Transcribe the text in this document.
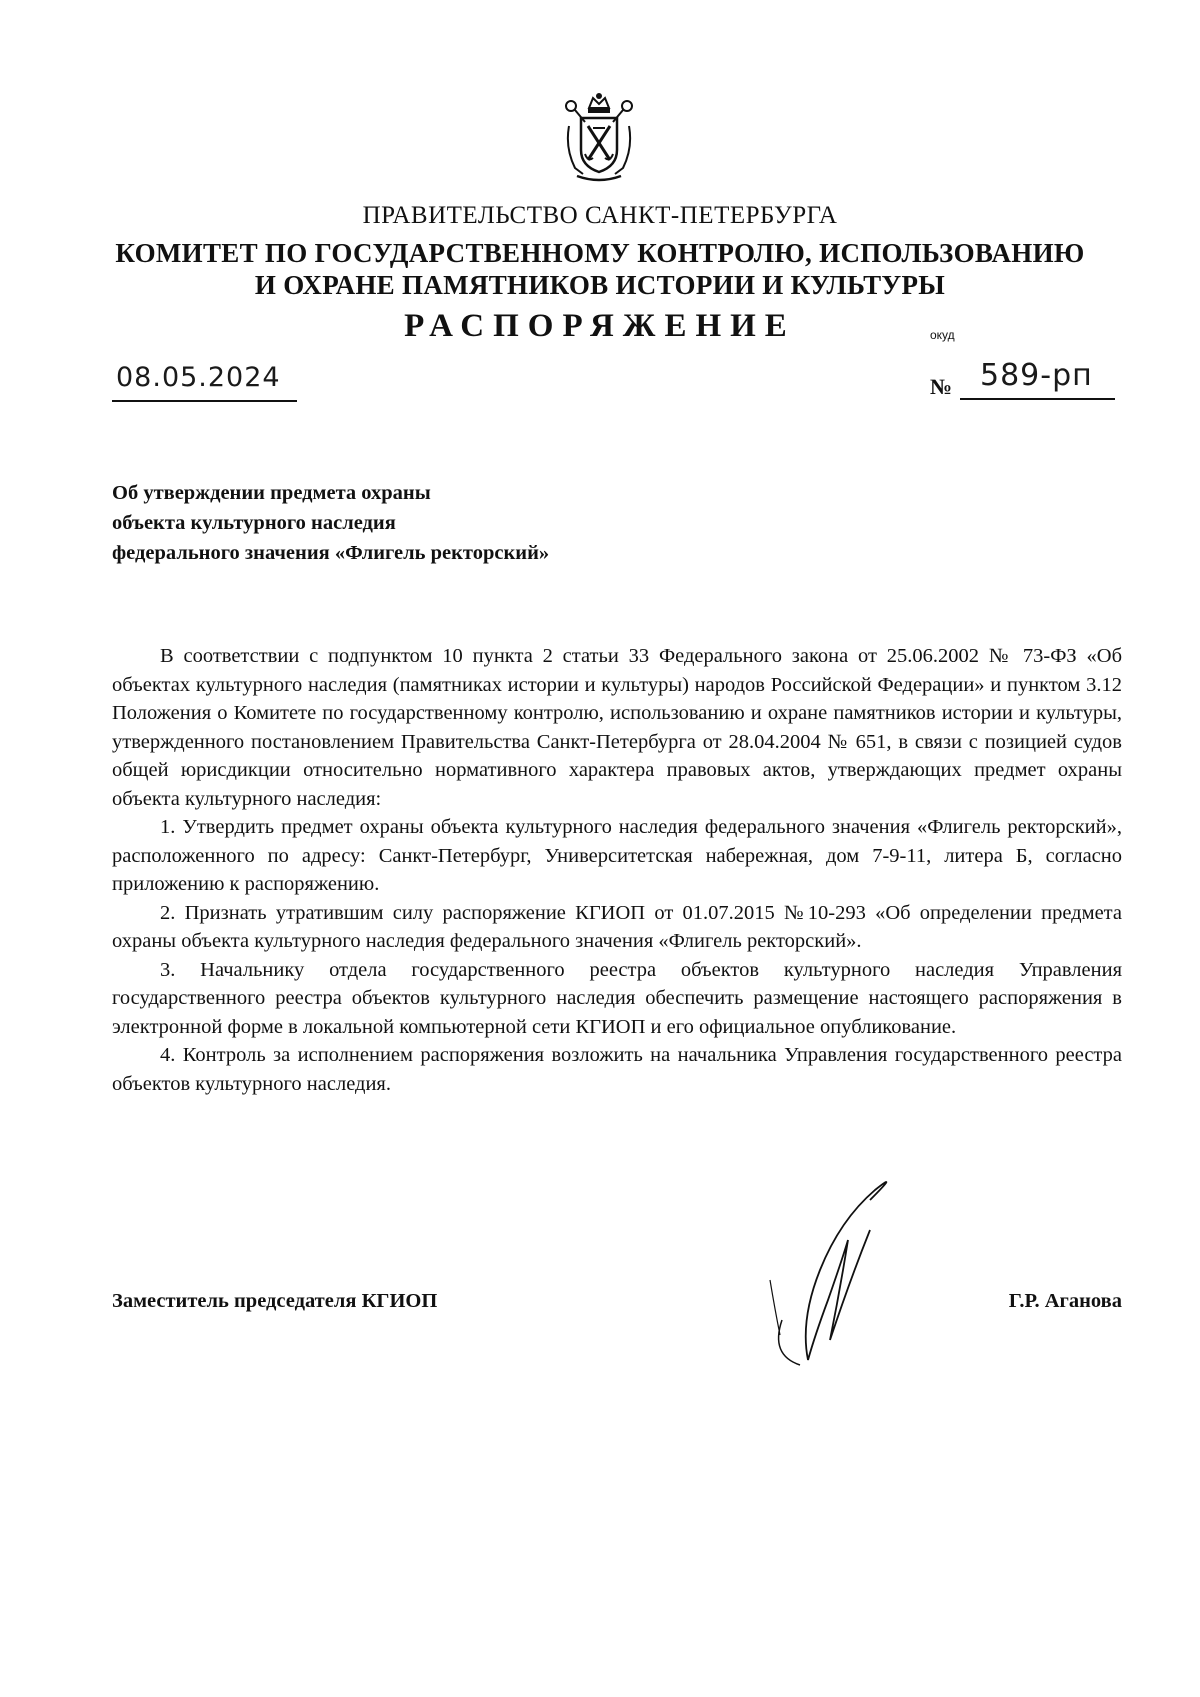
ПРАВИТЕЛЬСТВО САНКТ-ПЕТЕРБУРГА

КОМИТЕТ ПО ГОСУДАРСТВЕННОМУ КОНТРОЛЮ, ИСПОЛЬЗОВАНИЮ

И ОХРАНЕ ПАМЯТНИКОВ ИСТОРИИ И КУЛЬТУРЫ

РАСПОРЯЖЕНИЕ	окуд
08.05.2024	№ 589-рп
Об утверждении предмета охраны
объекта культурного наследия
федерального значения «Флигель ректорский»

В соответствии с подпунктом 10 пункта 2 статьи 33 Федерального закона от 25.06.2002 № 73-ФЗ «Об объектах культурного наследия (памятниках истории и культуры) народов Российской Федерации» и пунктом 3.12 Положения о Комитете по государственному контролю, использованию и охране памятников истории и культуры, утвержденного постановлением Правительства Санкт-Петербурга от 28.04.2004 № 651, в связи с позицией судов общей юрисдикции относительно нормативного характера правовых актов, утверждающих предмет охраны объекта культурного наследия:

1. Утвердить предмет охраны объекта культурного наследия федерального значения «Флигель ректорский», расположенного по адресу: Санкт-Петербург, Университетская набережная, дом 7-9-11, литера Б, согласно приложению к распоряжению.

2. Признать утратившим силу распоряжение КГИОП от 01.07.2015 №10-293 «Об определении предмета охраны объекта культурного наследия федерального значения «Флигель ректорский».

3. Начальнику отдела государственного реестра объектов культурного наследия Управления государственного реестра объектов культурного наследия обеспечить размещение настоящего распоряжения в электронной форме в локальной компьютерной сети КГИОП и его официальное опубликование.

4. Контроль за исполнением распоряжения возложить на начальника Управления государственного реестра объектов культурного наследия.

Заместитель председателя КГИОП	Г.Р. Аганова
